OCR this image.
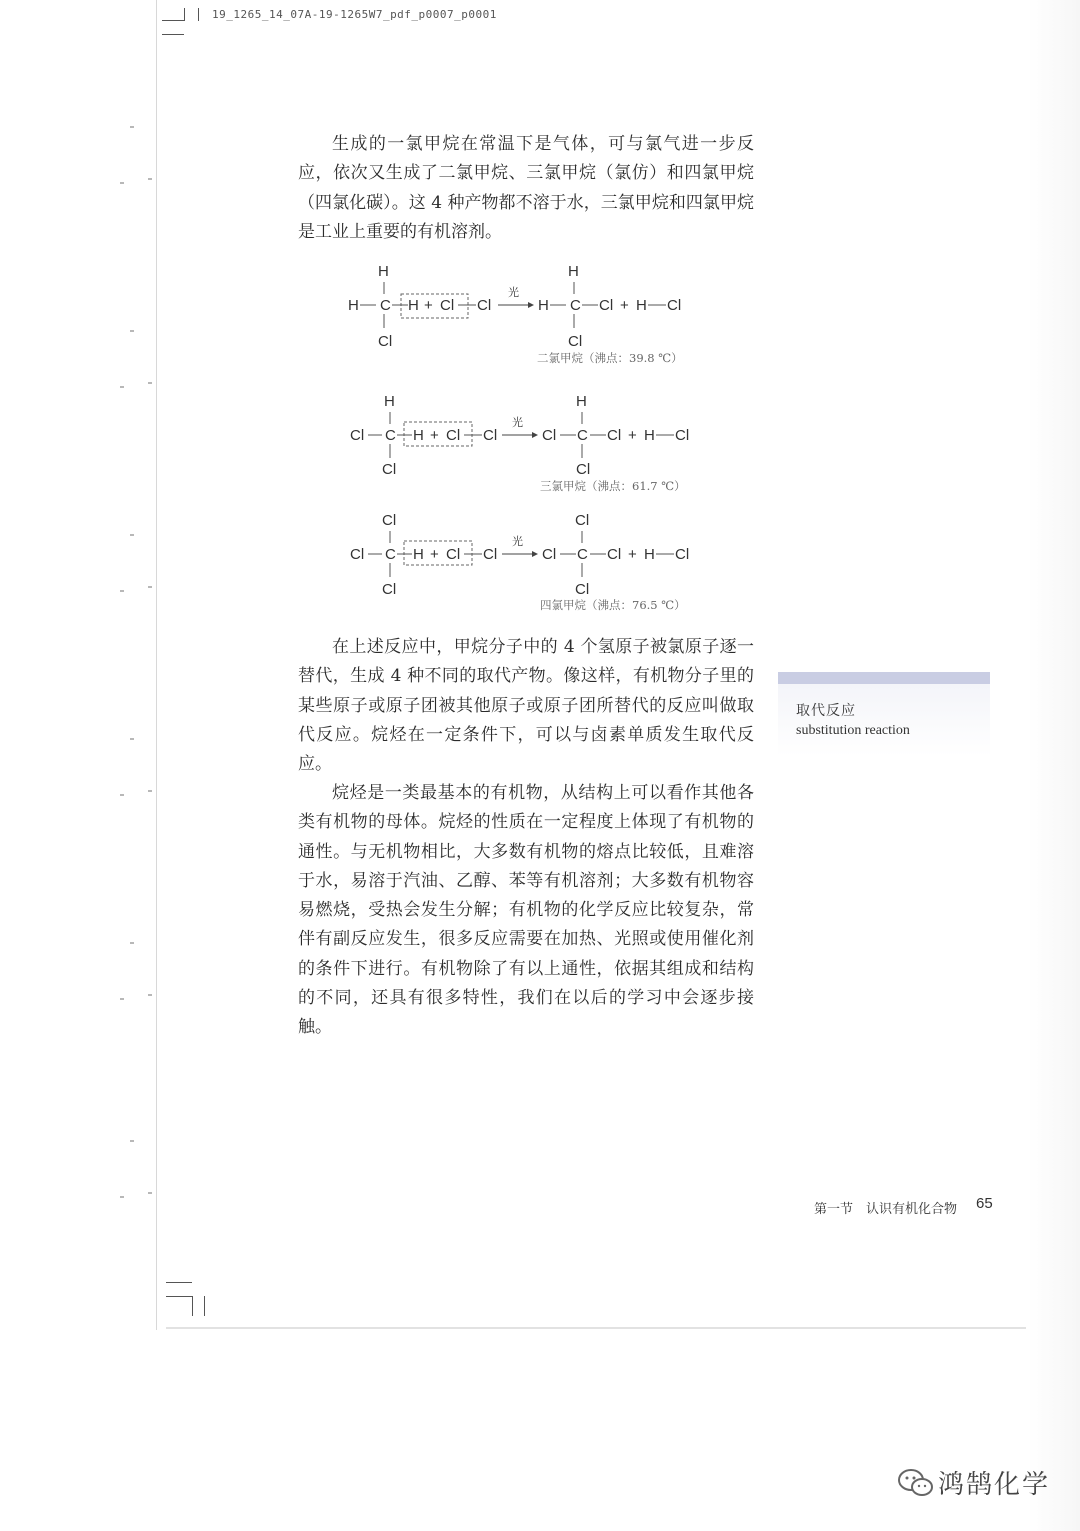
19_1265_14_07A-19-1265W7_pdf_p0007_p0001

生成的一氯甲烷在常温下是气体，可与氯气进一步反应，依次又生成了二氯甲烷、三氯甲烷（氯仿）和四氯甲烷（四氯化碳）。这 4 种产物都不溶于水，三氯甲烷和四氯甲烷是工业上重要的有机溶剂。

H
H C
Cl
H + Cl Cl
光
H
H
C
Cl
Cl + H Cl
二氯甲烷（沸点：39.8 ℃）
H
Cl C
Cl
H + Cl Cl
光
Cl
H
C
Cl
Cl + H Cl
三氯甲烷（沸点：61.7 ℃）
Cl
Cl C
Cl
H + Cl Cl
光
Cl
Cl
C
Cl
Cl + H Cl
四氯甲烷（沸点：76.5 ℃）

在上述反应中，甲烷分子中的 4 个氢原子被氯原子逐一替代，生成 4 种不同的取代产物。像这样，有机物分子里的某些原子或原子团被其他原子或原子团所替代的反应叫做取代反应。烷烃在一定条件下，可以与卤素单质发生取代反应。

烷烃是一类最基本的有机物，从结构上可以看作其他各类有机物的母体。烷烃的性质在一定程度上体现了有机物的通性。与无机物相比，大多数有机物的熔点比较低，且难溶于水，易溶于汽油、乙醇、苯等有机溶剂；大多数有机物容易燃烧，受热会发生分解；有机物的化学反应比较复杂，常伴有副反应发生，很多反应需要在加热、光照或使用催化剂的条件下进行。有机物除了有以上通性，依据其组成和结构的不同，还具有很多特性，我们在以后的学习中会逐步接触。

取代反应
substitution reaction
第一节　认识有机化合物 65
鸿鹄化学
